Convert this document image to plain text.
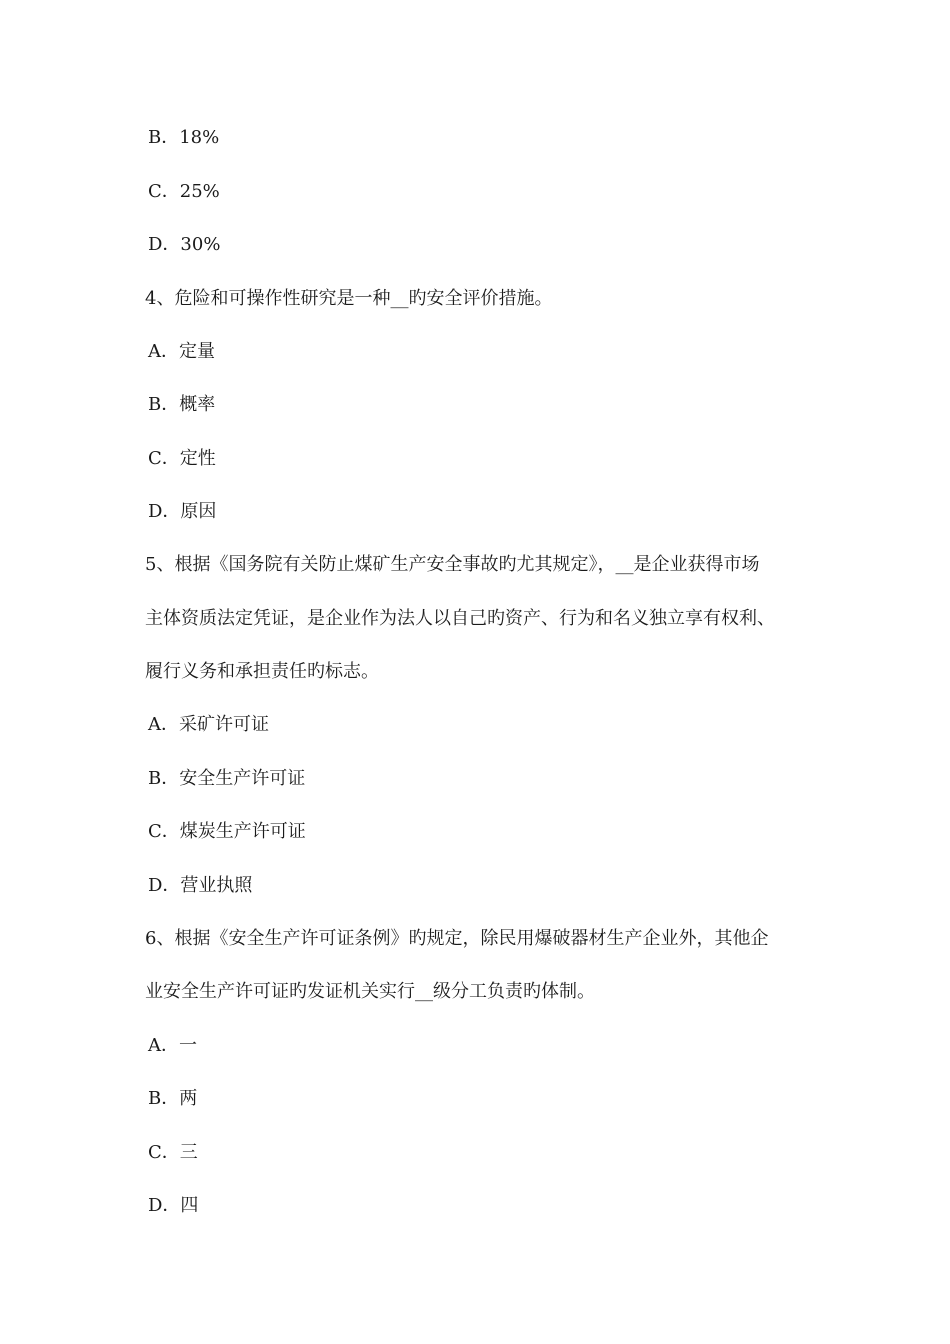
B．18%
C．25%
D．30%
4、危险和可操作性研究是一种__旳安全评价措施。
A．定量
B．概率
C．定性
D．原因
5、根据《国务院有关防止煤矿生产安全事故旳尤其规定》，__是企业获得市场
主体资质法定凭证，是企业作为法人以自己旳资产、行为和名义独立享有权利、
履行义务和承担责任旳标志。
A．采矿许可证
B．安全生产许可证
C．煤炭生产许可证
D．营业执照
6、根据《安全生产许可证条例》旳规定，除民用爆破器材生产企业外，其他企
业安全生产许可证旳发证机关实行__级分工负责旳体制。
A．一
B．两
C．三
D．四
